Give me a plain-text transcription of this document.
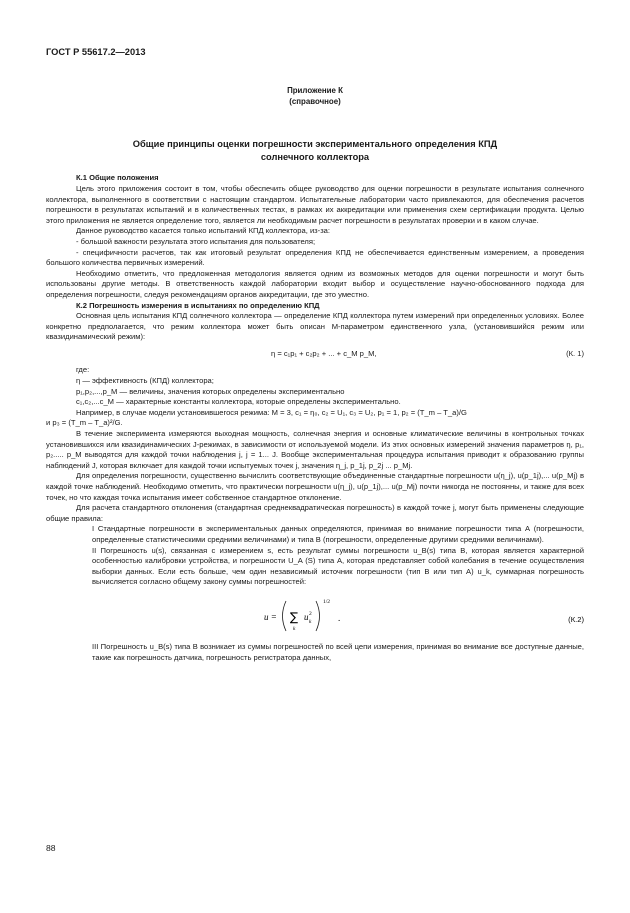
ГОСТ Р 55617.2—2013
Приложение К
(справочное)
Общие принципы оценки погрешности экспериментального определения КПД
солнечного коллектора
К.1 Общие положения

Цель этого приложения состоит в том, чтобы обеспечить общее руководство для оценки погрешности в результате испытания солнечного коллектора, выполненного в соответствии с настоящим стандартом. Испытательные лаборатории часто привлекаются, для обеспечения расчетов погрешности в результатах испытаний и в количественных тестах, в рамках их аккредитации или применения схем сертификации продукта. Целью этого приложения не является определение того, является ли необходимым расчет погрешности в результатах проверки и в каком случае.

Данное руководство касается только испытаний КПД коллектора, из-за:

- большой важности результата этого испытания для пользователя;

- специфичности расчетов, так как итоговый результат определения КПД не обеспечивается единственным измерением, а проведения большого количества первичных измерений.

Необходимо отметить, что предложенная методология является одним из возможных методов для оценки погрешности и могут быть использованы другие методы. В ответственность каждой лаборатории входит выбор и осуществление научно-обоснованного подхода для определения погрешности, следуя рекомендациям органов аккредитации, где это уместно.

К.2 Погрешность измерения в испытаниях по определению КПД

Основная цель испытания КПД солнечного коллектора — определение КПД коллектора путем измерений при определенных условиях. Более конкретно предполагается, что режим коллектора может быть описан M-параметром единственного узла, (установившийся режим или квазидинамический режим):

η = c₁p₁ + c₂p₂ + ... + c_M p_M,	(К. 1)

где:

η — эффективность (КПД) коллектора;

p₁,p₂,...,p_M — величины, значения которых определены экспериментально

c₁,c₂,...c_M — характерные константы коллектора, которые определены экспериментально.

Например, в случае модели установившегося режима: M = 3, c₁ = η₀, c₂ = U₁, c₃ = U₂, p₁ = 1, p₂ = (T_m – T_a)/G

и p₃ = (T_m – T_a)²/G.

В течение эксперимента измеряются выходная мощность, солнечная энергия и основные климатические величины в контрольных точках установившихся или квазидинамических J-режимах, в зависимости от используемой модели. Из этих основных измерений значения параметров η, p₁, p₂..... p_M выводятся для каждой точки наблюдения j, j = 1... J. Вообще экспериментальная процедура испытания приводит к образованию группы наблюдений J, которая включает для каждой точки испытуемых точек j, значения η_j, p_1j, p_2j ... p_Mj.

Для определения погрешности, существенно вычислить соответствующие объединенные стандартные погрешности u(η_j), u(p_1j),... u(p_Mj) в каждой точке наблюдений. Необходимо отметить, что практически погрешности u(η_j), u(p_1j),... u(p_Mj) почти никогда не постоянны, и также для всех точек, но что каждая точка испытания имеет собственное стандартное отклонение.

Для расчета стандартного отклонения (стандартная среднеквадратическая погрешность) в каждой точке j, могут быть применены следующие общие правила:

I Стандартные погрешности в экспериментальных данных определяются, принимая во внимание погрешности типа А (погрешности, определенные статистическими средними величинами) и типа В (погрешности, определенные другими средними величинами).

II Погрешность u(s), связанная с измерением s, есть результат суммы погрешности u_B(s) типа В, которая является характерной особенностью калибровки устройства, и погрешности U_A (S) типа А, которая представляет собой колебания в течение осуществления выборки данных. Если есть больше, чем один независимый источник погрешности (тип В или тип А) u_k, суммарная погрешность вычисляется согласно общему закону суммы погрешностей:

u = ∑
k
u 2
k
1/2
.	(К.2)

III Погрешность u_B(s) типа В возникает из суммы погрешностей по всей цепи измерения, принимая во внимание все доступные данные, такие как погрешность датчика, погрешность регистратора данных,

88
